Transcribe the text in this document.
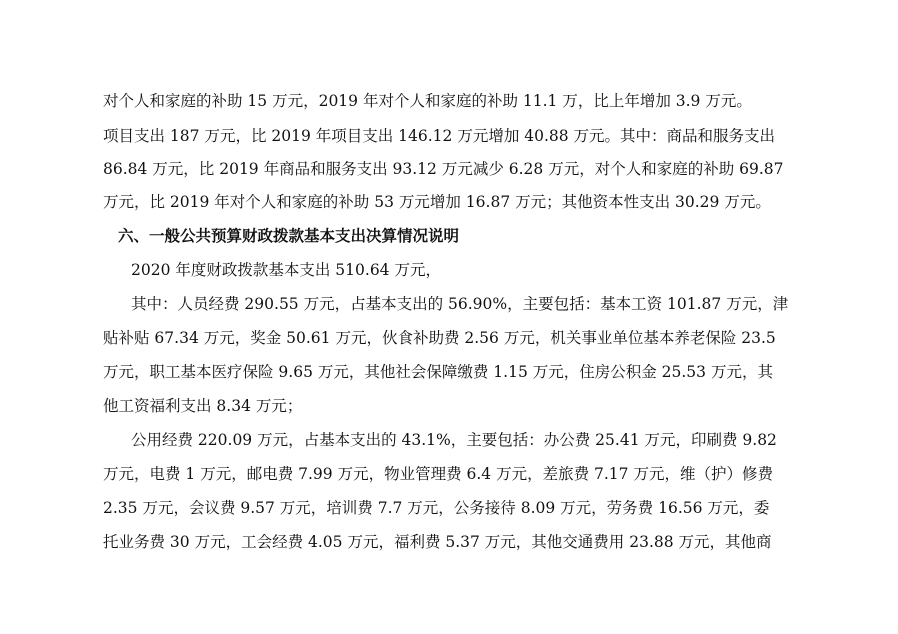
对个人和家庭的补助 15 万元，2019 年对个人和家庭的补助 11.1 万，比上年增加 3.9 万元。
项目支出 187 万元，比 2019 年项目支出 146.12 万元增加 40.88 万元。其中：商品和服务支出
86.84 万元，比 2019 年商品和服务支出 93.12 万元减少 6.28 万元，对个人和家庭的补助 69.87
万元，比 2019 年对个人和家庭的补助 53 万元增加 16.87 万元；其他资本性支出 30.29 万元。
六、一般公共预算财政拨款基本支出决算情况说明
2020 年度财政拨款基本支出 510.64 万元，
其中：人员经费 290.55 万元，占基本支出的 56.90%，主要包括：基本工资 101.87 万元，津
贴补贴 67.34 万元，奖金 50.61 万元，伙食补助费 2.56 万元，机关事业单位基本养老保险 23.5
万元，职工基本医疗保险 9.65 万元，其他社会保障缴费 1.15 万元，住房公积金 25.53 万元，其
他工资福利支出 8.34 万元；
公用经费 220.09 万元，占基本支出的 43.1%，主要包括：办公费 25.41 万元，印刷费 9.82
万元，电费 1 万元，邮电费 7.99 万元，物业管理费 6.4 万元，差旅费 7.17 万元，维（护）修费
2.35 万元，会议费 9.57 万元，培训费 7.7 万元，公务接待 8.09 万元，劳务费 16.56 万元，委
托业务费 30 万元，工会经费 4.05 万元，福利费 5.37 万元，其他交通费用 23.88 万元，其他商
